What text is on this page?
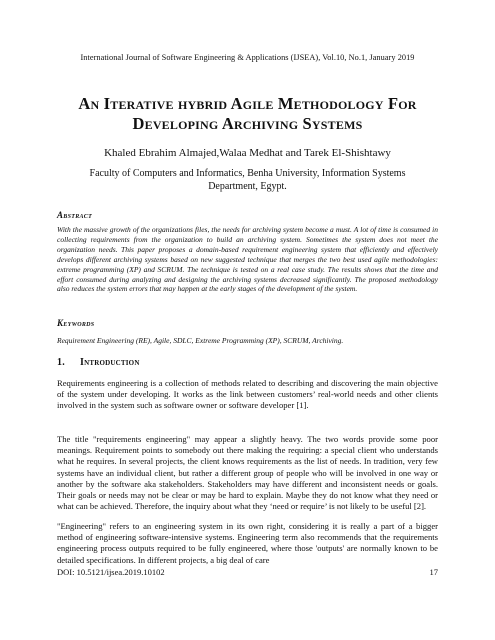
International Journal of Software Engineering & Applications (IJSEA), Vol.10, No.1, January 2019
An Iterative hybrid Agile Methodology For
Developing Archiving Systems
Khaled Ebrahim Almajed,Walaa Medhat and Tarek El-Shishtawy
Faculty of Computers and Informatics, Benha University, Information Systems
Department, Egypt.
Abstract
With the massive growth of the organizations files, the needs for archiving system become a must. A lot of time is consumed in collecting requirements from the organization to build an archiving system. Sometimes the system does not meet the organization needs. This paper proposes a domain-based requirement engineering system that efficiently and effectively develops different archiving systems based on new suggested technique that merges the two best used agile methodologies: extreme programming (XP) and SCRUM. The technique is tested on a real case study. The results shows that the time and effort consumed during analyzing and designing the archiving systems decreased significantly. The proposed methodology also reduces the system errors that may happen at the early stages of the development of the system.
Keywords
Requirement Engineering (RE), Agile, SDLC, Extreme Programming (XP), SCRUM, Archiving.
1. Introduction
Requirements engineering is a collection of methods related to describing and discovering the main objective of the system under developing. It works as the link between customers’ real-world needs and other clients involved in the system such as software owner or software developer [1].
The title "requirements engineering" may appear a slightly heavy. The two words provide some poor meanings. Requirement points to somebody out there making the requiring: a special client who understands what he requires. In several projects, the client knows requirements as the list of needs. In tradition, very few systems have an individual client, but rather a different group of people who will be involved in one way or another by the software aka stakeholders. Stakeholders may have different and inconsistent needs or goals. Their goals or needs may not be clear or may be hard to explain. Maybe they do not know what they need or what can be achieved. Therefore, the inquiry about what they ‘need or require’ is not likely to be useful [2].
"Engineering" refers to an engineering system in its own right, considering it is really a part of a bigger method of engineering software-intensive systems. Engineering term also recommends that the requirements engineering process outputs required to be fully engineered, where those 'outputs' are normally known to be detailed specifications. In different projects, a big deal of care
DOI: 10.5121/ijsea.2019.10102	17
